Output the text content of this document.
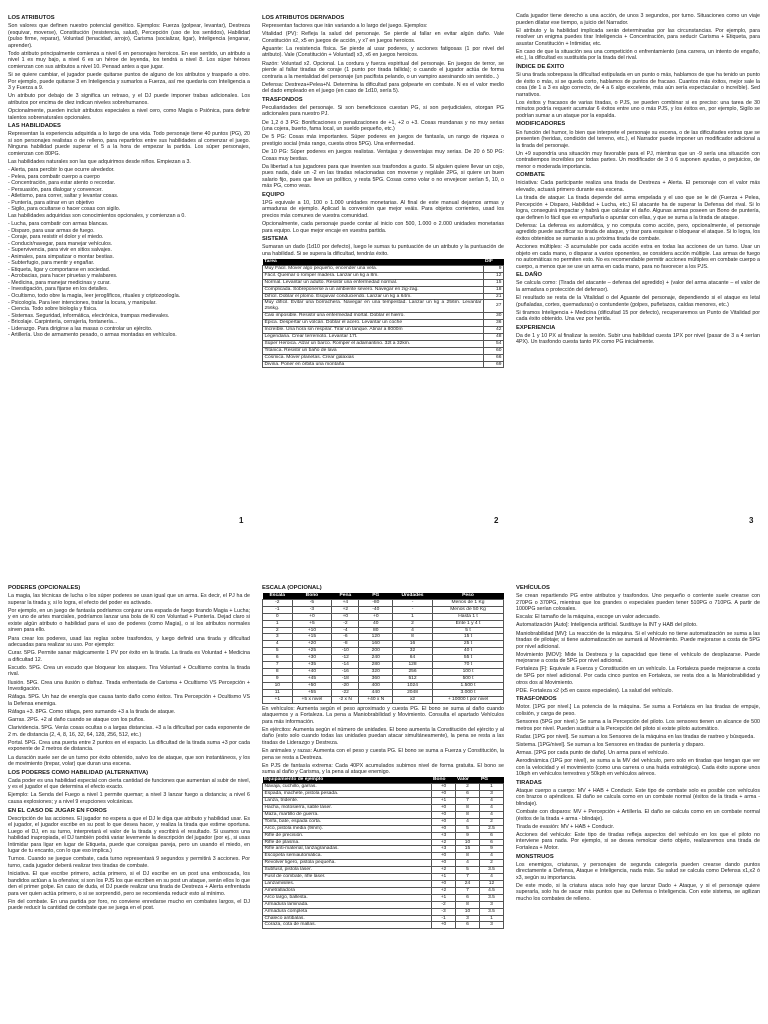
LOS ATRIBUTOS

Son valores que definen nuestro potencial genético. Ejemplos: Fuerza (golpear, levantar), Destreza (esquivar, moverse), Constitución (resistencia, salud), Percepción (uso de los sentidos), Habilidad (pulso firme, reparar), Voluntad (tenacidad, arrojo), Carisma (socializar, ligar), Inteligencia (enganar, aprender).

Todo atributo principalmente comienza a nivel 6 en personajes heroicos. En ese sentido, un atributo a nivel 1 es muy bajo, a nivel 6 es un héroe de leyenda, los tendrá a nivel 8. Los súper héroes comienzan con sus atributos a nivel 10. Pensad antes a que jugar.

Si se quiere cambiar, el jugador puede quitarse puntos de alguno de los atributos y trasparlo a otro. Por ejemplo, puede quitarse 3 en Inteligencia y sumarlos a Fuerza, así me quedaría con Inteligencia a 3 y Fuerza a 9.

Un atributo por debajo de 3 significa un retraso, y el DJ puede imponer trabas adicionales. Los atributos por encima de diez indican niveles sobrehumanos.

Opcionalmente, pueden incluir atributos especiales a nivel cero, como Magia o Psiónica, para definir talentos sobrenaturales opcionales.

LAS HABILIDADES

Representan la experiencia adquirida a lo largo de una vida. Todo personaje tiene 40 puntos (PG), 20 si son personajes realistas o de relleno, para repartirlos entre sus habilidades al comenzar el juego. Ninguna habilidad puede superar el 5 a la hora de empezar la partida. Los súper personajes, comienzan con 80PG.

Las habilidades naturales son las que adquirimos desde niños. Empiezan a 3.

- Alerta, para percibir lo que ocurre alrededor.
- Pelea, para combatir cuerpo a cuerpo
- Concentración, para estar atento o recordar.
- Persuasión, para dialogar y convencer.
- Atletismo, para correr, saltar y levantar cosas.
- Puntería, para atinar en un objetivo
- Sigilo, para ocultarse o hacer cosas con sigilo.

Las habilidades adquiridas son conocimientos opcionales, y comienzan a 0.

- Lucha, para combatir con armas blancas.
- Disparo, para usar armas de fuego.
- Coraje, para resistir el dolor y el miedo.
- Conducir/navegar, para manejar vehículos.
- Supervivencia, para vivir en sitios salvajes.
- Animales, para simpatizar o montar bestias.
- Subterfugio, para mentir y engañar.
- Etiqueta, ligar y comportarse en sociedad.
- Acrobacias, para hacer piruetas y malabares.
- Medicina, para manejar medicinas y curar.
- Investigación, para fijarse en los detalles.
- Ocultismo, todo obre la magia, leer jeroglíficos, rituales y criptozoología.
- Psicología. Para leer intenciones, tratar la locura, y manipular.
- Ciencia. Todo sobre biología y física.
- Sistemas. Seguridad, informática, electrónica, trampas medievales.
- Bricolaje. Carpintería, cerrajería, fontanería...
- Liderazgo. Para dirigirse a las masas o controlar un ejército.
- Artillería. Uso de armamento pesado, o armas montadas en vehículos.
1
LOS ATRIBUTOS DERIVADOS

Representan factores que irán variando a lo largo del juego. Ejemplos:

Vitalidad (PV): Refleja la salud del personaje. Se pierde al fallar en evitar algún daño. Vale Constitución x2, x5 en juegos de acción, y x7 en juegos heroicos.

Aguante: La resistencia física. Se pierde al usar poderes, y acciones fatigosas (1 por nivel del atributo). Vale (Constitución + Voluntad) x3, x6 en juegos heroicos.

Razón: Voluntad x2. Opcional. La cordura y fuerza espiritual del personaje. En juegos de terror, se pierde al fallar tiradas de coraje (1 punto por tirada fallida); o cuando el jugador actúa de forma contraria a la mentalidad del personaje (un pacifista pelando, o un vampiro asesinando sin sentido...)

Defensa: Destreza+Pelea+N. Determina la dificultad para golpearte en combate. N es el valor medio del dado empleado en el juego (en caso de 1d10, sería 5).

TRASFONDOS

Peculiaridades del personaje. Si son beneficiosos cuestan PG, si son perjudiciales, otorgan PG adicionales para nuestro PJ.

De 1,2 ó 3 PG: Bonificaciones o penalizaciones de +1, +2 o +3. Cosas mundanas y no muy serias (una cojera, buerto, fama local, un sueldo pequeño, etc.)

De 5 PG: Cosas más importantes. Súper poderes en juegos de fantasía, un rango de riqueza o prestigio social (más rango, cuesta otros 5PG). Una enfermedad.

De 10 PG: Súper poderes en juegos realistas. Ventajas y desventajas muy serias. De 20 ó 50 PG: Cosas muy bestias.

Da libertad a tus jugadores para que inventen sus trasfondos a gusto. Si alguien quiere llevar un cojo, pues nada, dale un -2 en las tiradas relacionadas con moverse y regálale 2PG, si quiere un buen salario fijo, pues que lleve un político, y resta 5PG. Cosas como volar o no envejecer serían 5, 10, o más PG, como veas.

EQUIPO

1PG equivale a 10, 100 o 1.000 unidades monetarias. Al final de este manual dejamos armas y armaduras de ejemplo. Aplicad la conversión que mejor veáis. Para objetos corrientes, usad los precios más comunes de vuestra comunidad.

Opcionalmente, cada personaje puede contar al inicio con 500, 1.000 o 2.000 unidades monetarias para equipo. Lo que mejor encaje en vuestra partida.

SISTEMA

Sumaran un dado (1d10 por defecto), luego le sumas tu puntuación de un atributo y la puntuación de una habilidad. Si se supera la dificultad, tendrás éxito.

Tarea	DIF
Muy Fácil. Mover algo pequeño, encender una vela.	9
Fácil. Quemar o romper madera. Lanzar un kg a 8m.	12
Normal. Levantar un adulto. Resistir una enfermedad normal.	15
Complicada. Sobreponerse a un ambiente severo. Navegar en zig-zag.	18
Difícil. Doblar el plomo. Esquivar conduciendo. Lanzar un kg a 64m.	21
Muy difícil. Evitar una borrachera. Navegar en una tempestad. Lanzar un kg a 256m. Levantar 256kg.	27
Casi imposible. Resistir una enfermedad mortal. Doblar el hierro.	30
Épica. Despertar un volcán. Doblar el acero. Levantar un coche	36
Increíble. Una hora sin respirar. Tirar un tanque. Atinar a 8000m	42
Legendaria. Crear terremoto. Levantar 17t.	48
Súper Heroica. Alzar un barco. Romper el adamantino. 32t a 32km.	54
Titánica. Resistir un baño de lava	60
Cósmica. Mover planetas. Crear galaxias	66
Divina. Poner en órbita una montaña	69
2

Cada jugador tiene derecho a una acción, de unos 3 segundos, por turno. Situaciones como un viaje pueden dilatar ese tiempo, a juicio del Narrador.

El atributo y la habilidad implicada serán determinadas por las circunstancias. Por ejemplo, para resolver un enigma puedes tirar Inteligencia + Concentración, para seducir Carisma + Etiqueta, para asustar Constitución + Intimidar, etc.

En caso de que la situación sea una competición o enfrentamiento (una carrera, un intento de engaño, etc.), la dificultad es sustituida por la tirada del rival.

ÍNDICE DE ÉXITO

Si una tirada sobrepasa la dificultad estipulada en un punto o más, hablamos de que ha tenido un punto de éxito o más, si se queda corto, hablamos de puntos de fracaso. Cuantos más éxitos, mejor sale la cosa (de 1 a 3 es algo correcto, de 4 a 6 algo excelente, más aún sería espectacular o increíble). Sed narrativos.

Los éxitos y fracasos de varias tiradas, o PJS, se pueden combinar si es preciso: una tarea de 30 minutos podría requerir acumular 6 éxitos entre uno o más PJS, y los éxitos en, por ejemplo, Sigilo se podrían sumar a un ataque por la espalda.

MODIFICADORES

En función del humor, lo bien que interprete el personaje su escena, o de las dificultades extras que se presenten (heridas, condición del terreno, etc.), el Narrador puede imponer un modificador adicional a la tirada del personaje.

Un +9 supondría una situación muy favorable para el PJ, mientras que un -9 sería una situación con contratiempos increíbles por todas partes. Un modificador de 3 ó 6 suponen ayudas, o perjuicios, de menor o moderada importancia.

COMBATE

Iniciativa: Cada participante realiza una tirada de Destreza + Alerta. El personaje con el valor más elevado, actuará primero durante esa escena.

La tirada de ataque: La tirada depende del arma empelada y el uso que se le dé (Fuerza + Pelea, Percepción + Disparo, Habilidad + Lucha, etc.) El atacante ha de superar la Defensa del rival. Si lo logra, conseguirá impactar y habrá que calcular el daño. Algunas armas poseen un Bono de puntería, que definen lo fácil que es empuñarla o apuntar con ellas, y que se suma a la tirada de ataque.

Defensa: La defensa es automática, y no computa como acción, pero, opcionalmente, el personaje agredido puede sacrificar su tirada de ataque, y tirar para esquivar o bloquear el ataque. Si lo logra, los éxitos obtenidos se sumarán a su próxima tirada de combate.

Acciones múltiples: -3 acumulable por cada acción extra en todas las acciones de un turno. Usar un objeto en cada mano, o disparar a varios oponentes, se considera acción múltiple. Las armas de fuego no automáticas no permiten esto. No es recomendable permitir acciones múltiples en combate cuerpo a cuerpo, a menos que se use un arma en cada mano, para no favorecer a los PJS.

EL DAÑO

Se calcula como: (Tirada del atacante – defensa del agredido) + (valor del arma atacante – el valor de la armadura o protección del defensor).

El resultado se resta de la Vitalidad o del Aguante del personaje, dependiendo si el ataque es letal (puñaladas, cortes, quemaduras) o contundente (golpes, puñetazos, caídas menores, etc.)

Si tiramos Inteligencia + Medicina (dificultad 15 por defecto), recuperaremos un Punto de Vitalidad por cada éxito obtenido. Una vez por herida.

EXPERIENCIA

Da de 1 y 10 PX al finalizar la sesión. Subir una habilidad cuesta 1PX por nivel (pasar de 3 a 4 serían 4PX). Un trasfondo cuesta tanto PX como PG inicialmente.

3
PODERES (OPCIONALES)

La magia, las técnicas de lucha o los súper poderes se usan igual que un arma. Es decir, el PJ ha de superar la tirada y, si lo logra, el efecto del poder es activado.

Por ejemplo, en un juego de fantasía podríamos conjurar una espada de fuego tirando Magia + Lucha; y en uno de artes marciales, podríamos lanzar una bola de Ki con Voluntad + Puntería. Dejad claro si existe algún atributo o habilidad para el uso de poderes (como Magia), o si los atributos normales sirven para ello.

Para crear los poderes, usad las reglas sobre trasfondos, y luego definid una tirada y dificultad adecuadas para realizar su uso. Por ejemplo:

Curar. 5PG. Permite sanar mágicamente 1 PV por éxito en la tirada. La tirada es Voluntad + Medicina a dificultad 12.

Escudo. 5PG. Crea un escudo que bloquear los ataques. Tira Voluntad + Ocultismo contra la tirada rival.

Ilusión. 5PG. Crea una ilusión o disfraz. Tirada enfrentada de Carisma + Ocultismo VS Percepción + Investigación.

Ráfaga. 5PG. Un haz de energía que causa tanto daño como éxitos. Tira Percepción + Ocultismo VS la Defensa enemiga.

Ráfaga +3. 8PG. Como ráfaga, pero sumando +3 a la tirada de ataque.

Garras. 2PG. +2 al daño cuando se ataque con los puños.

Clarividencia. 5PG. Verás cosas ocultas o a largas distancias. +3 a la dificultad por cada exponente de 2 m. de distancia (2, 4, 8, 16, 32, 64, 128, 256, 512, etc.)

Portal. 5PG. Crea una puerta entre 2 puntos en el espacio. La dificultad de la tirada suma +3 por cada exponente de 2 metros de distancia.

La duración suele ser de un turno por éxito obtenido, salvo los de ataque, que son instantáneos, y los de movimiento (trepar, volar) que duran una escena.

LOS PODERES COMO HABILIDAD (ALTERNATIVA)

Cada poder es una habilidad especial con cierta cantidad de funciones que aumentan al subir de nivel, y es el jugador el que determina el efecto exacto.

Ejemplo: La Senda del Fuego a nivel 1 permite quemar; a nivel 3 lanzar fuego a distancia; a nivel 6 causa explosiones; y a nivel 9 erupciones volcánicas.

EN EL CASO DE JUGAR EN FOROS

Descripción de las acciones. El jugador no espera a que el DJ le diga que atributo y habilidad usar. Es el jugador, el jugador escribe en su post lo que desea hacer, y realiza la tirada que estime oportuna. Luego el DJ, en su turno, interpretará el valor de la tirada y escribirá el resultado. Si usamos una habilidad inapropiada, el DJ también podrá variar levemente la descripción del jugador (por ej., si usas Intimidar para ligar en lugar de Etiqueta, puede que consigas pareja, pero un usando el miedo, en lugar de tu encanto, con lo que eso implica.)

Turnos. Cuando se juegue combate, cada turno representará 9 segundos y permitirá 3 acciones. Por turno, cada jugador deberá realizar tres tiradas de combate.

Iniciativa. El que escribe primero, actúa primero, si el DJ escribe en un post una emboscada, los bandidos actúan a la ofensiva; si son los PJS los que escriben en su post un ataque, serán ellos lo que den el primer golpe. En caso de duda, el DJ puede realizar una tirada de Destreza + Alerta enfrentada para ver quien actúa primero, o si se sorprendió, pero se recomienda reducir esto al mínimo.

Fin del combate. En una partida por foro, no conviene enredarse mucho en combates largos, el DJ puede reducir la cantidad de combate que se juega en el post.

ESCALA (OPCIONAL)
Escala	Bono	Pena	PG	Unidades	Peso
-2	-5	+4	-80	-	Menos de 1 Kg
-1	-3	+2	-40	-	Menos de 50 Kg
0	+0	+0	+0	1	Hasta 1 t
1	+5	-2	40	2	Ente 1 y 4 t
2	+10	-4	80	4	5 t
3	+15	-6	120	8	15 t
4	+20	-8	160	16	25 t
5	+25	-10	200	32	40 t
6	+30	-12	240	64	55 t
7	+35	-14	280	128	70 t
8	+40	-16	320	256	100 t
9	+45	-18	360	512	500 t
10	+50	-20	400	1024	1.500 t
11	+55	-22	440	2048	3.000 t
+1	+5 x nivel	-2 x N	+40 x N	x2	+ 10000 t por nivel

En vehículos: Aumenta según el peso aproximado y cuesta PG. El bono se suma al daño cuando ataquemos y a Fortaleza. La pena a Maniobrabilidad y Movimiento. Consulta el apartado Vehículos para más información.

En ejércitos: Aumenta según el número de unidades. El bono aumenta la Constitución del ejército y al daño (esto solo cuando todas las unidades puedan atacar simultáneamente), la pena se resta a las tiradas de Liderazgo y Destreza.

En animales y razas: Aumenta con el peso y cuesta PG. El bono se suma a Fuerza y Constitución, la pena se resta a Destreza.

En PJS de fantasía extrema: Cada 40PX acumulados subimos nivel de forma gratuita. El bono se suma al daño y Carisma, y la pena al ataque enemigo.

Equipamiento de ejemplo	Bono	Valor	PG
Navaja, cuchillo, garras.	+0	2	1
Espada, machete, pistola pesada.	+0	6	3
Lanza, tridente.	+1	7	4
Hacha, motosierra, sable láser.	+0	8	4
Maza, martillo de guerra.	+0	8	4
Tonfa, bate, espada corta.	+0	4	2
Arco, pistola media (9mm).	+0	5	2.5
Rifle de precisión.	+3	9	6
Rifle de plasma.	+2	10	6
Rifle anti-material, lanzagranadas.	+3	15	9
Escopeta semiautomática.	+0	8	4
Revolver ligero, pistola pequeña.	+0	4	2
Subfusil, pistola láser.	+2	5	3.5
Fusil de combate, rifle láser.	+1	7	4
Lanzamisiles.	+0	24	12
Ametralladora	+2	7	4.5
Arco largo, ballesta.	+1	6	3.5
Armadura laminada.	-2	8	3
Armadura completa	-3	10	3.5
Chaleco antibalas.	-1	3	1
Coraza, cota de mallas.	+0	6	3
VEHÍCULOS

Se crean repartiendo PG entre atributos y trasfondos. Uno pequeño o corriente suele crearse con 270PG o 370PG, mientras que los grandes o especiales pueden tener 510PG o 710PG. A partir de 1000PG serían colosales.

Escala: El tamaño de la máquina, escoge un valor adecuado.

Automatización [Auto]: Inteligencia artificial. Sustituye la INT y HAB del piloto.

Maniobrabilidad [MV]: La reacción de la máquina. Si el vehículo no tiene automatización se suma a las tiradas de pilotaje; si tiene automatización se sumará al Movimiento. Puede mejorarse a costa de 5PG por nivel adicional.

Movimiento [MOV]: Mide la Destreza y la capacidad que tiene el vehículo de desplazarse. Puede mejorarse a costa de 5PG por nivel adicional.

Fortaleza [F]: Equivale a Fuerza y Constitución en un vehículo. La Fortaleza puede mejorarse a costa de 5PG por nivel adicional. Por cada cinco puntos en Fortaleza, se resta dos a la Maniobrabilidad y otros dos al Movimiento.

PDE. Fortaleza x2 (x5 en casos especiales). La salud del vehículo.

TRASFONDOS

Motor. [1PG por nivel.] La potencia de la máquina. Se suma a Fortaleza en las tiradas de empuje, colisión, y carga de peso.

Sensores (5PG por nivel.) Se suma a la Percepción del piloto. Los sensores tienen un alcance de 500 metros por nivel. Pueden sustituir a la Percepción del piloto si existe piloto automático.

Radar. [1PG por nivel]. Se suman a los Sensores de la máquina en las tiradas de rastreo y búsqueda.

Sistema. [1PG/nivel]. Se suman a los Sensores en tiradas de puntería y disparo.

Armas. [2PG por cada punto de daño]. Un arma para el vehículo.

Aerodinámica (1PG por nivel), se suma a la MV del vehículo, pero solo en tiradas que tengan que ver con la velocidad y el movimiento (como una carrera o una huida estratégica). Cada éxito supone unos 10kph en vehículos terrestres y 50kph en vehículos aéreos.

TIRADAS

Ataque cuerpo a cuerpo: MV + HAB + Conducir. Este tipo de combate solo es posible con vehículos con brazos o apéndices. El daño se calcula como en un combate normal (éxitos de la tirada + arma - blindaje).

Combate con disparos: MV + Percepción + Artillería. El daño se calcula como en un combate normal (éxitos de la tirada + arma - blindaje).

Tirada de evasión: MV + HAB + Conducir.

Acciones del vehículo: Este tipo de tiradas refleja aspectos del vehículo en los que el piloto no interviene para nada. Por ejemplo, si se desea remolcar cierto objeto, realizaremos una tirada de Fortaleza + Motor.

MONSTRUOS

Los enemigos, criaturas, y personajes de segunda categoría pueden crearse dando puntos directamente a Defensa, Ataque e Inteligencia, nada más. Su salud se calcula como Defensa x1,x2 ó x3, según su importancia.

De este modo, si la criatura ataca solo hay que lanzar Dado + Ataque, y si el personaje quiere superarla, solo ha de sacar más puntos que su Defensa o Inteligencia. Con este sistema, se agilizan mucho los combates de relleno.
